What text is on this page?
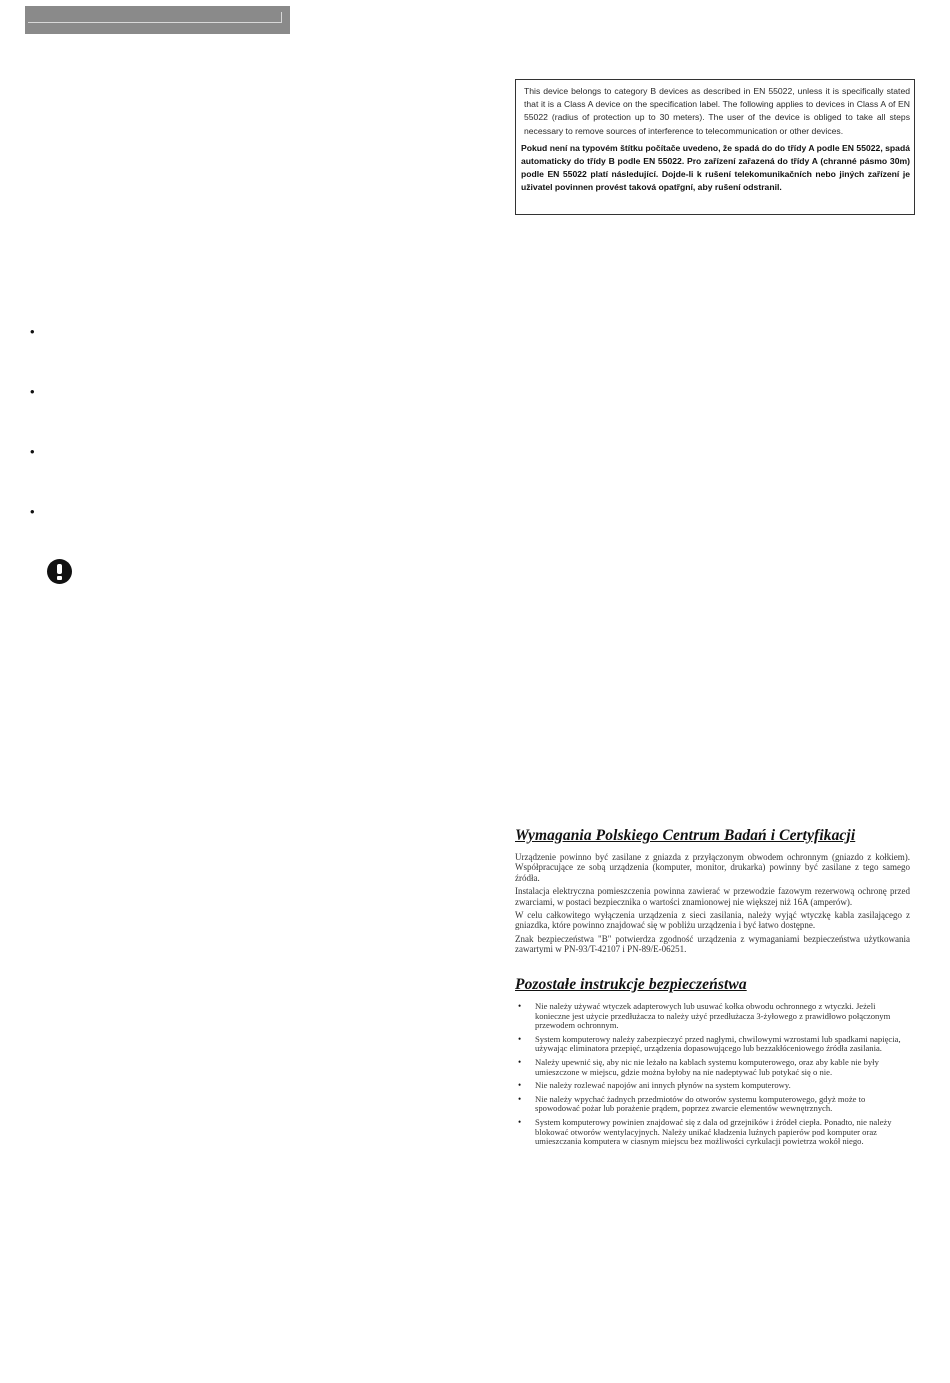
This device belongs to category B devices as described in EN 55022, unless it is specifically stated that it is a Class A device on the specification label. The following applies to devices in Class A of EN 55022 (radius of protection up to 30 meters). The user of the device is obliged to take all steps necessary to remove sources of interference to telecommunication or other devices.

Pokud není na typovém štítku počítače uvedeno, že spadá do do třídy A podle EN 55022, spadá automaticky do třídy B podle EN 55022. Pro zařízení zařazená do třídy A (chranné pásmo 30m) podle EN 55022 platí následující. Dojde-li k rušení telekomunikačních nebo jiných zařízení je uživatel povinnen provést taková opatřgní, aby rušení odstranil.

•
•
•
•
Wymagania Polskiego Centrum Badań i Certyfikacji

Urządzenie powinno być zasilane z gniazda z przyłączonym obwodem ochronnym (gniazdo z kołkiem). Współpracujące ze sobą urządzenia (komputer, monitor, drukarka) powinny być zasilane z tego samego źródła.

Instalacja elektryczna pomieszczenia powinna zawierać w przewodzie fazowym rezerwową ochronę przed zwarciami, w postaci bezpiecznika o wartości znamionowej nie większej niż 16A (amperów).

W celu całkowitego wyłączenia urządzenia z sieci zasilania, należy wyjąć wtyczkę kabla zasilającego z gniazdka, które powinno znajdować się w pobliżu urządzenia i być łatwo dostępne.

Znak bezpieczeństwa "B" potwierdza zgodność urządzenia z wymaganiami bezpieczeństwa użytkowania zawartymi w PN-93/T-42107 i PN-89/E-06251.

Pozostałe instrukcje bezpieczeństwa
• Nie należy używać wtyczek adapterowych lub usuwać kołka obwodu ochronnego z wtyczki. Jeżeli konieczne jest użycie przedłużacza to należy użyć przedłużacza 3-żyłowego z prawidłowo połączonym przewodem ochronnym.
• System komputerowy należy zabezpieczyć przed nagłymi, chwilowymi wzrostami lub spadkami napięcia, używając eliminatora przepięć, urządzenia dopasowującego lub bezzakłóceniowego źródła zasilania.
• Należy upewnić się, aby nic nie leżało na kablach systemu komputerowego, oraz aby kable nie były umieszczone w miejscu, gdzie można byłoby na nie nadeptywać lub potykać się o nie.
• Nie należy rozlewać napojów ani innych płynów na system komputerowy.
• Nie należy wpychać żadnych przedmiotów do otworów systemu komputerowego, gdyż może to spowodować pożar lub porażenie prądem, poprzez zwarcie elementów wewnętrznych.
• System komputerowy powinien znajdować się z dala od grzejników i źródeł ciepła. Ponadto, nie należy blokować otworów wentylacyjnych. Należy unikać kładzenia luźnych papierów pod komputer oraz umieszczania komputera w ciasnym miejscu bez możliwości cyrkulacji powietrza wokół niego.
